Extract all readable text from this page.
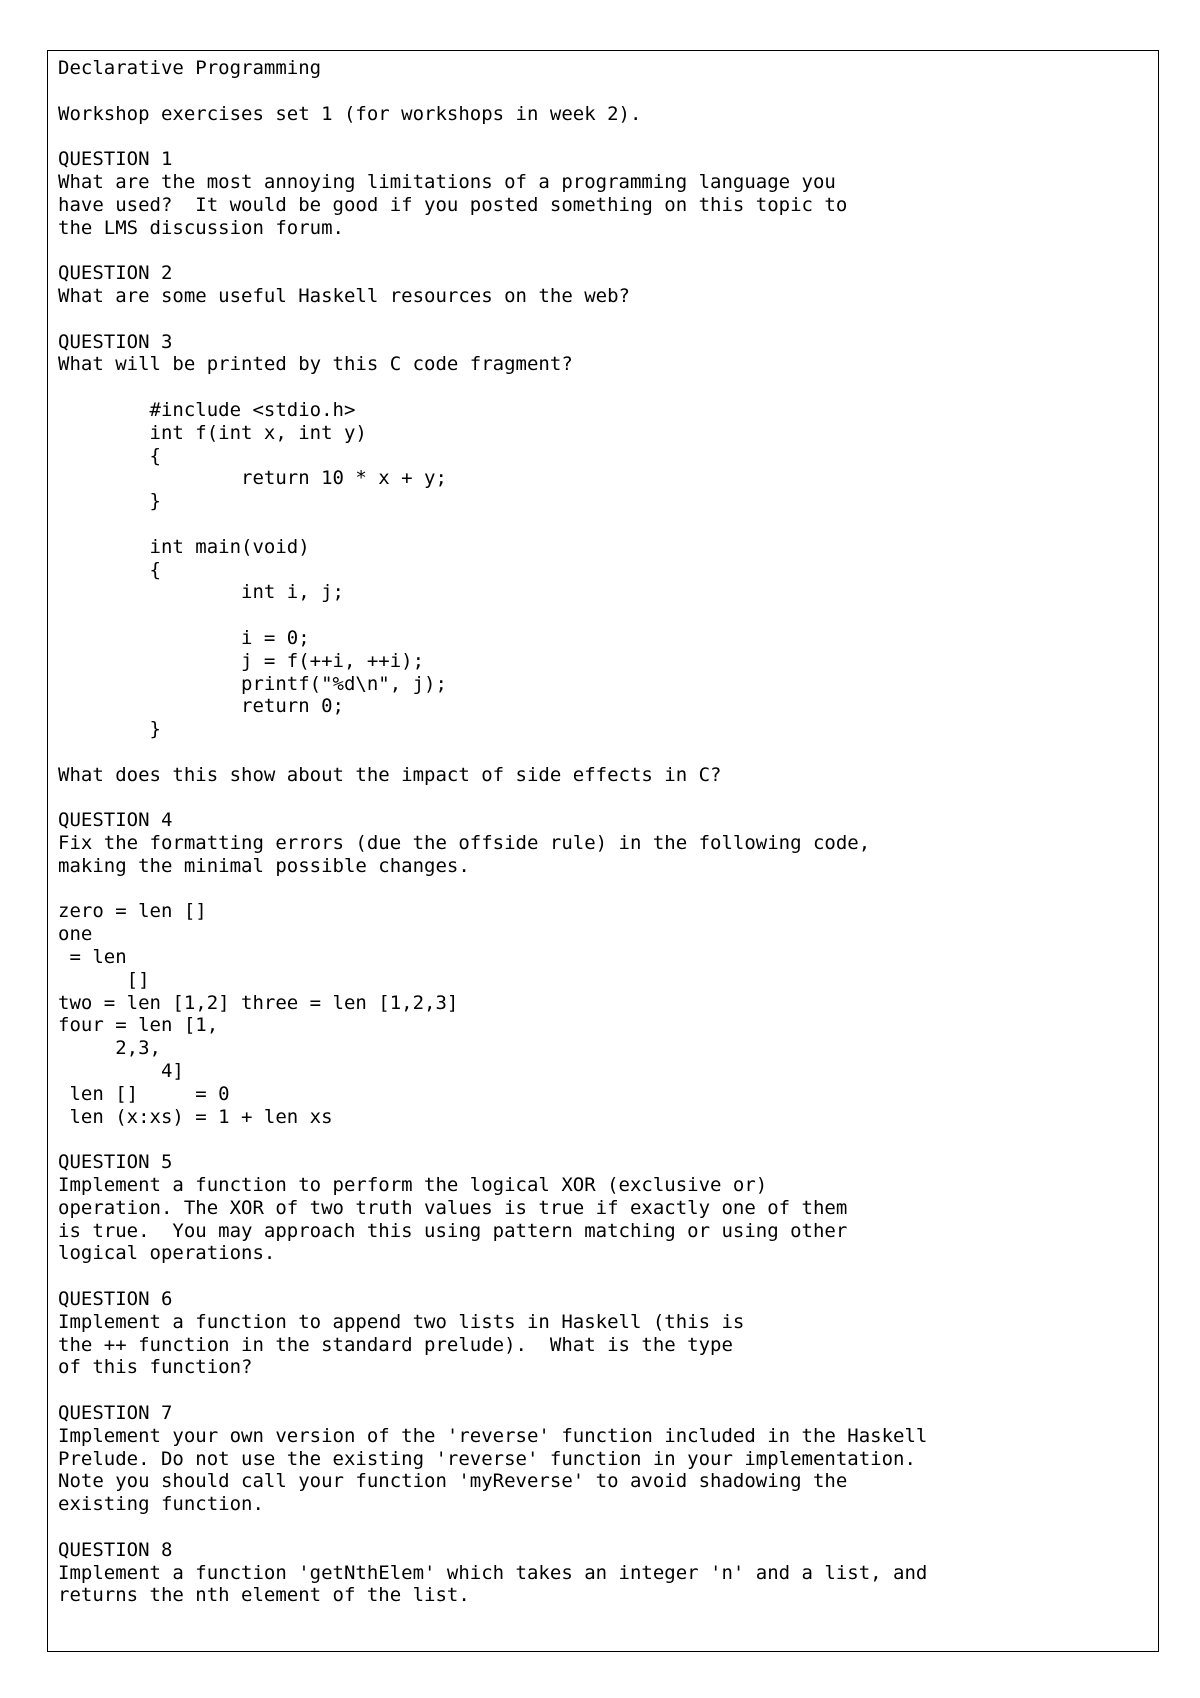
Declarative Programming

Workshop exercises set 1 (for workshops in week 2).

QUESTION 1
What are the most annoying limitations of a programming language you
have used?  It would be good if you posted something on this topic to
the LMS discussion forum.

QUESTION 2
What are some useful Haskell resources on the web?

QUESTION 3
What will be printed by this C code fragment?

#include <stdio.h>
int f(int x, int y)
{
return 10 * x + y;
}

int main(void)
{
int i, j;

i = 0;
j = f(++i, ++i);
printf("%d\n", j);
return 0;
}

What does this show about the impact of side effects in C?

QUESTION 4
Fix the formatting errors (due the offside rule) in the following code,
making the minimal possible changes.

zero = len []
one
= len
[]
two = len [1,2] three = len [1,2,3]
four = len [1,
2,3,
4]
len []     = 0
len (x:xs) = 1 + len xs

QUESTION 5
Implement a function to perform the logical XOR (exclusive or)
operation. The XOR of two truth values is true if exactly one of them
is true.  You may approach this using pattern matching or using other
logical operations.

QUESTION 6
Implement a function to append two lists in Haskell (this is
the ++ function in the standard prelude).  What is the type
of this function?

QUESTION 7
Implement your own version of the 'reverse' function included in the Haskell
Prelude. Do not use the existing 'reverse' function in your implementation.
Note you should call your function 'myReverse' to avoid shadowing the
existing function.

QUESTION 8
Implement a function 'getNthElem' which takes an integer 'n' and a list, and
returns the nth element of the list.
